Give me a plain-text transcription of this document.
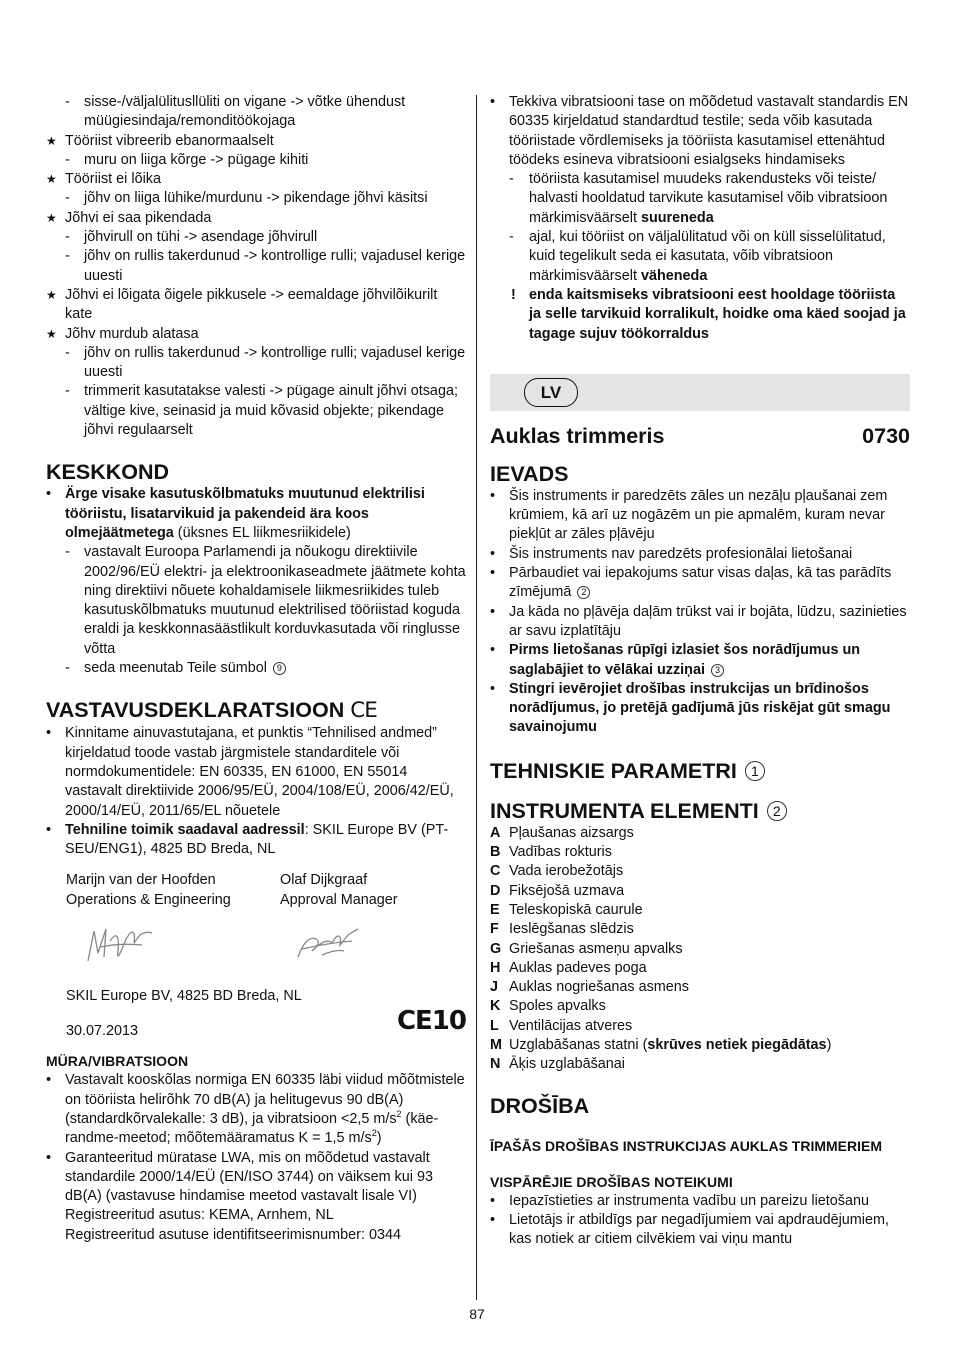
- sisse-/väljalülitusllüliti on vigane -> võtke ühendust müügiesindaja/remonditöökojaga
★ Tööriist vibreerib ebanormaalselt
- muru on liiga kõrge -> pügage kihiti
★ Tööriist ei lõika
- jõhv on liiga lühike/murdunu -> pikendage jõhvi käsitsi
★ Jõhvi ei saa pikendada
- jõhvirull on tühi -> asendage jõhvirull
- jõhv on rullis takerdunud -> kontrollige rulli; vajadusel kerige uuesti
★ Jõhvi ei lõigata õigele pikkusele -> eemaldage jõhvilõikurilt kate
★ Jõhv murdub alatasa
- jõhv on rullis takerdunud -> kontrollige rulli; vajadusel kerige uuesti
- trimmerit kasutatakse valesti -> pügage ainult jõhvi otsaga; vältige kive, seinasid ja muid kõvasid objekte; pikendage jõhvi regulaarselt
KESKKOND
• Ärge visake kasutuskõlbmatuks muutunud elektrilisi tööriistu, lisatarvikuid ja pakendeid ära koos olmejäätmetega (üksnes EL liikmesriikidele)
- vastavalt Euroopa Parlamendi ja nõukogu direktiivile 2002/96/EÜ elektri- ja elektroonikaseadmete jäätmete kohta ning direktiivi nõuete kohaldamisele liikmesriikides tuleb kasutuskõlbmatuks muutunud elektrilised tööriistad koguda eraldi ja keskkonnasäästlikult korduvkasutada või ringlusse võtta
- seda meenutab Teile sümbol 9
VASTAVUSDEKLARATSIOON CE
• Kinnitame ainuvastutajana, et punktis “Tehnilised andmed” kirjeldatud toode vastab järgmistele standarditele või normdokumentidele: EN 60335, EN 61000, EN 55014 vastavalt direktiivide 2006/95/EÜ, 2004/108/EÜ, 2006/42/EÜ, 2000/14/EÜ, 2011/65/EL nõuetele
• Tehniline toimik saadaval aadressil: SKIL Europe BV (PT-SEU/ENG1), 4825 BD Breda, NL
Marijn van der Hoofden
Operations & Engineering
Olaf Dijkgraaf
Approval Manager
SKIL Europe BV, 4825 BD Breda, NL
30.07.2013	CE10
MÜRA/VIBRATSIOON
• Vastavalt kooskõlas normiga EN 60335 läbi viidud mõõtmistele on tööriista helirõhk 70 dB(A) ja helitugevus 90 dB(A) (standardkõrvalekalle: 3 dB), ja vibratsioon <2,5 $m/s^2$ (käe-randme-meetod; mõõtemääramatus K = 1,5 $m/s^2$)
• Garanteeritud müratase LWA, mis on mõõdetud vastavalt standardile 2000/14/EÜ (EN/ISO 3744) on väiksem kui 93 dB(A) (vastavuse hindamise meetod vastavalt lisale VI)
Registreeritud asutus: KEMA, Arnhem, NL
Registreeritud asutuse identifitseerimisnumber: 0344
• Tekkiva vibratsiooni tase on mõõdetud vastavalt standardis EN 60335 kirjeldatud standardtud testile; seda võib kasutada tööriistade võrdlemiseks ja tööriista kasutamisel ettenähtud töödeks esineva vibratsiooni esialgseks hindamiseks
- tööriista kasutamisel muudeks rakendusteks või teiste/ halvasti hooldatud tarvikute kasutamisel võib vibratsioon märkimisväärselt suureneda
- ajal, kui tööriist on väljalülitatud või on küll sisselülitatud, kuid tegelikult seda ei kasutata, võib vibratsioon märkimisväärselt väheneda
! enda kaitsmiseks vibratsiooni eest hooldage tööriista ja selle tarvikuid korralikult, hoidke oma käed soojad ja tagage sujuv töökorraldus
LV
Auklas trimmeris	0730
IEVADS
• Šis instruments ir paredzēts zāles un nezāļu pļaušanai zem krūmiem, kā arī uz nogāzēm un pie apmalēm, kuram nevar piekļūt ar zāles pļāvēju
• Šis instruments nav paredzēts profesionālai lietošanai
• Pārbaudiet vai iepakojums satur visas daļas, kā tas parādīts zīmējumā 2
• Ja kāda no pļāvēja daļām trūkst vai ir bojāta, lūdzu, sazinieties ar savu izplatītāju
• Pirms lietošanas rūpīgi izlasiet šos norādījumus un saglabājiet to vēlākai uzziņai 3
• Stingri ievērojiet drošības instrukcijas un brīdinošos norādījumus, jo pretējā gadījumā jūs riskējat gūt smagu savainojumu
TEHNISKIE PARAMETRI 1
INSTRUMENTA ELEMENTI 2
A Pļaušanas aizsargs
B Vadības rokturis
C Vada ierobežotājs
D Fiksējošā uzmava
E Teleskopiskā caurule
F Ieslēgšanas slēdzis
G Griešanas asmeņu apvalks
H Auklas padeves poga
J Auklas nogriešanas asmens
K Spoles apvalks
L Ventilācijas atveres
M Uzglabāšanas statni (skrūves netiek piegādātas)
N Āķis uzglabāšanai
DROŠĪBA
ĪPAŠĀS DROŠĪBAS INSTRUKCIJAS AUKLAS TRIMMERIEM
VISPĀRĒJIE DROŠĪBAS NOTEIKUMI
• Iepazīstieties ar instrumenta vadību un pareizu lietošanu
• Lietotājs ir atbildīgs par negadījumiem vai apdraudējumiem, kas notiek ar citiem cilvēkiem vai viņu mantu
87
